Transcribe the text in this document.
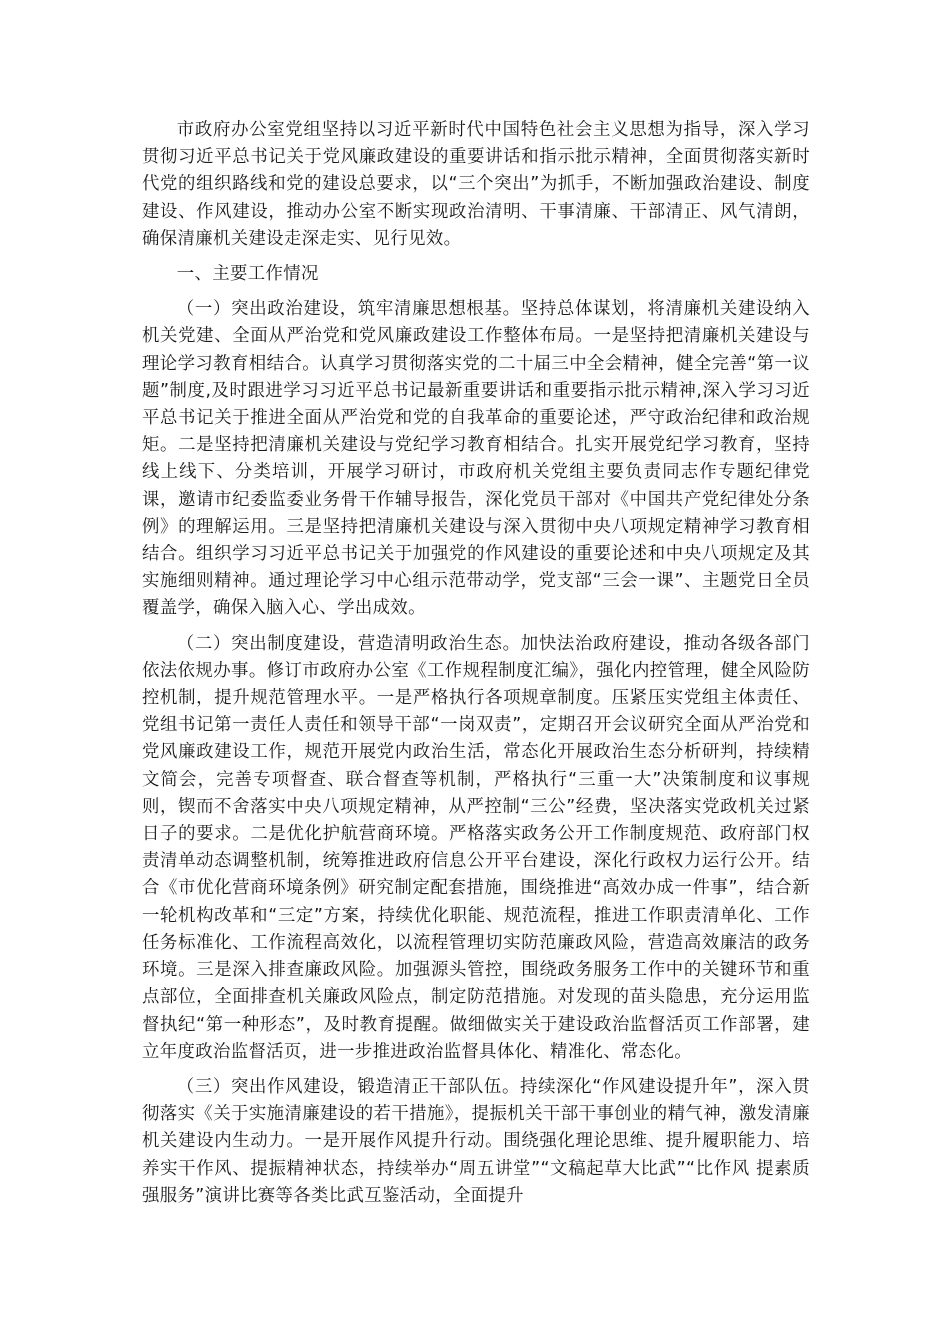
市政府办公室党组坚持以习近平新时代中国特色社会主义思想为指导，深入学习贯彻习近平总书记关于党风廉政建设的重要讲话和指示批示精神，全面贯彻落实新时代党的组织路线和党的建设总要求，以“三个突出”为抓手，不断加强政治建设、制度建设、作风建设，推动办公室不断实现政治清明、干事清廉、干部清正、风气清朗，确保清廉机关建设走深走实、见行见效。

一、主要工作情况

（一）突出政治建设，筑牢清廉思想根基。坚持总体谋划，将清廉机关建设纳入机关党建、全面从严治党和党风廉政建设工作整体布局。一是坚持把清廉机关建设与理论学习教育相结合。认真学习贯彻落实党的二十届三中全会精神，健全完善“第一议题”制度,及时跟进学习习近平总书记最新重要讲话和重要指示批示精神,深入学习习近平总书记关于推进全面从严治党和党的自我革命的重要论述，严守政治纪律和政治规矩。二是坚持把清廉机关建设与党纪学习教育相结合。扎实开展党纪学习教育，坚持线上线下、分类培训，开展学习研讨，市政府机关党组主要负责同志作专题纪律党课，邀请市纪委监委业务骨干作辅导报告，深化党员干部对《中国共产党纪律处分条例》的理解运用。三是坚持把清廉机关建设与深入贯彻中央八项规定精神学习教育相结合。组织学习习近平总书记关于加强党的作风建设的重要论述和中央八项规定及其实施细则精神。通过理论学习中心组示范带动学，党支部“三会一课”、主题党日全员覆盖学，确保入脑入心、学出成效。

（二）突出制度建设，营造清明政治生态。加快法治政府建设，推动各级各部门依法依规办事。修订市政府办公室《工作规程制度汇编》，强化内控管理，健全风险防控机制，提升规范管理水平。一是严格执行各项规章制度。压紧压实党组主体责任、党组书记第一责任人责任和领导干部“一岗双责”，定期召开会议研究全面从严治党和党风廉政建设工作，规范开展党内政治生活，常态化开展政治生态分析研判，持续精文简会，完善专项督查、联合督查等机制，严格执行“三重一大”决策制度和议事规则，锲而不舍落实中央八项规定精神，从严控制“三公”经费，坚决落实党政机关过紧日子的要求。二是优化护航营商环境。严格落实政务公开工作制度规范、政府部门权责清单动态调整机制，统筹推进政府信息公开平台建设，深化行政权力运行公开。结合《市优化营商环境条例》研究制定配套措施，围绕推进“高效办成一件事”，结合新一轮机构改革和“三定”方案，持续优化职能、规范流程，推进工作职责清单化、工作任务标准化、工作流程高效化，以流程管理切实防范廉政风险，营造高效廉洁的政务环境。三是深入排查廉政风险。加强源头管控，围绕政务服务工作中的关键环节和重点部位，全面排查机关廉政风险点，制定防范措施。对发现的苗头隐患，充分运用监督执纪“第一种形态”，及时教育提醒。做细做实关于建设政治监督活页工作部署，建立年度政治监督活页，进一步推进政治监督具体化、精准化、常态化。

（三）突出作风建设，锻造清正干部队伍。持续深化“作风建设提升年”，深入贯彻落实《关于实施清廉建设的若干措施》，提振机关干部干事创业的精气神，激发清廉机关建设内生动力。一是开展作风提升行动。围绕强化理论思维、提升履职能力、培养实干作风、提振精神状态，持续举办“周五讲堂”“文稿起草大比武”“比作风 提素质 强服务”演讲比赛等各类比武互鉴活动，全面提升
